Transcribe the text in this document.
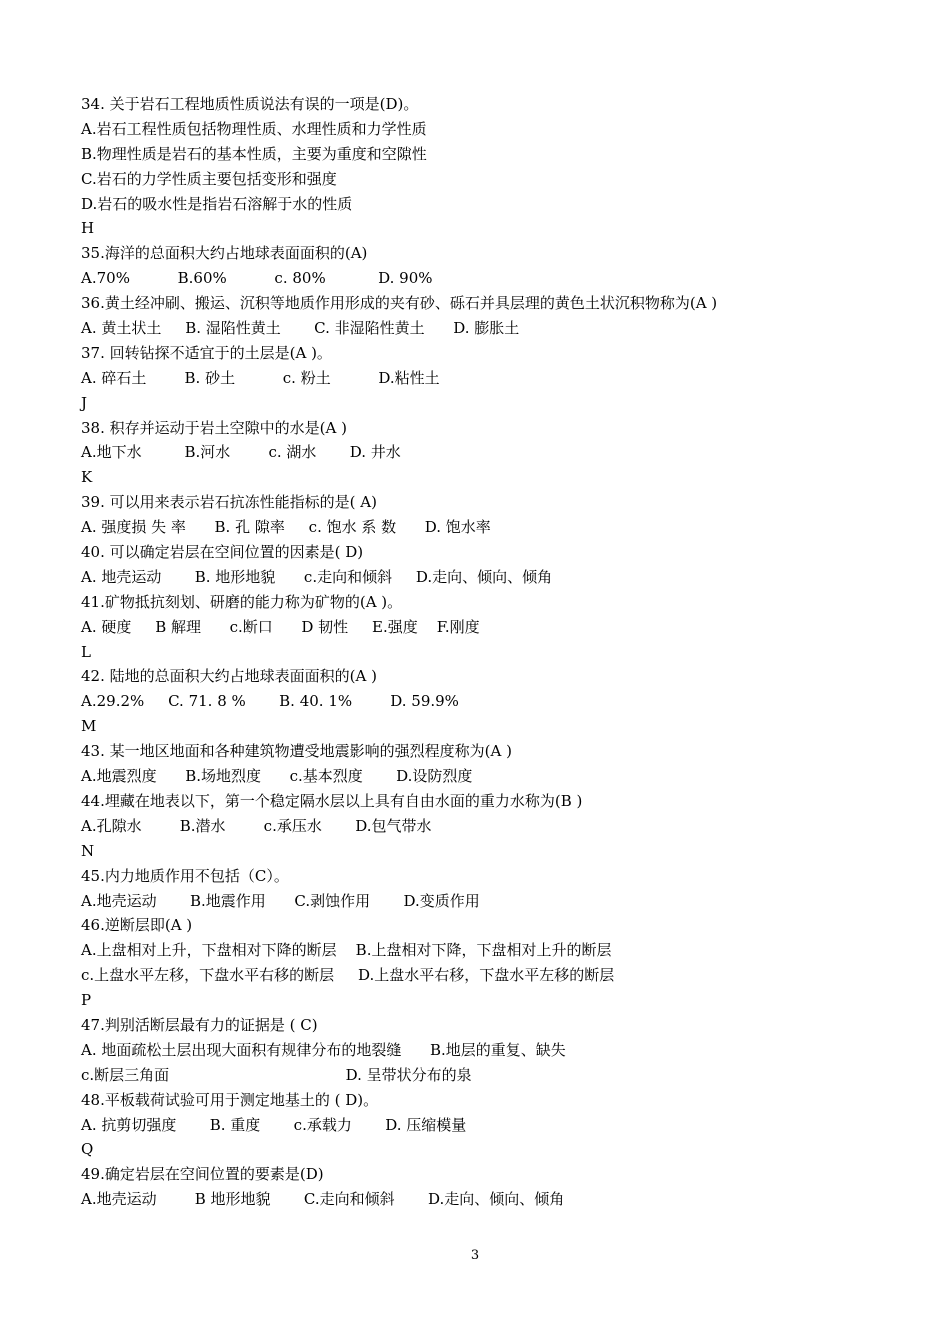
34. 关于岩石工程地质性质说法有误的一项是(D)。
A.岩石工程性质包括物理性质、水理性质和力学性质
B.物理性质是岩石的基本性质，主要为重度和空隙性
C.岩石的力学性质主要包括变形和强度
D.岩石的吸水性是指岩石溶解于水的性质
H
35.海洋的总面积大约占地球表面面积的(A)
A.70%          B.60%          c. 80%           D. 90%
36.黄土经冲刷、搬运、沉积等地质作用形成的夹有砂、砾石并具层理的黄色土状沉积物称为(A )
A. 黄土状土     B. 湿陷性黄土       C. 非湿陷性黄土      D. 膨胀土
37. 回转钻探不适宜于的土层是(A )。
A. 碎石土        B. 砂土          c. 粉土          D.粘性土
J
38. 积存并运动于岩土空隙中的水是(A )
A.地下水         B.河水        c. 湖水       D. 井水
K
39. 可以用来表示岩石抗冻性能指标的是( A)
A. 强度损 失 率      B. 孔 隙率     c. 饱水 系 数      D. 饱水率
40. 可以确定岩层在空间位置的因素是( D)
A. 地壳运动       B. 地形地貌      c.走向和倾斜     D.走向、倾向、倾角
41.矿物抵抗刻划、研磨的能力称为矿物的(A )。
A. 硬度     B 解理      c.断口      D 韧性     E.强度    F.刚度
L
42. 陆地的总面积大约占地球表面面积的(A )
A.29.2%     C. 71. 8 %       B. 40. 1%        D. 59.9%
M
43. 某一地区地面和各种建筑物遭受地震影响的强烈程度称为(A )
A.地震烈度      B.场地烈度      c.基本烈度       D.设防烈度
44.埋藏在地表以下，第一个稳定隔水层以上具有自由水面的重力水称为(B )
A.孔隙水        B.潜水        c.承压水       D.包气带水
N
45.内力地质作用不包括（C）。
A.地壳运动       B.地震作用      C.剥蚀作用       D.变质作用
46.逆断层即(A )
A.上盘相对上升，下盘相对下降的断层    B.上盘相对下降，下盘相对上升的断层
c.上盘水平左移，下盘水平右移的断层     D.上盘水平右移，下盘水平左移的断层
P
47.判别活断层最有力的证据是 ( C)
A. 地面疏松土层出现大面积有规律分布的地裂缝      B.地层的重复、缺失
c.断层三角面                                     D. 呈带状分布的泉
48.平板载荷试验可用于测定地基土的 ( D)。
A. 抗剪切强度       B. 重度       c.承载力       D. 压缩模量
Q
49.确定岩层在空间位置的要素是(D)
A.地壳运动        B 地形地貌       C.走向和倾斜       D.走向、倾向、倾角
3
